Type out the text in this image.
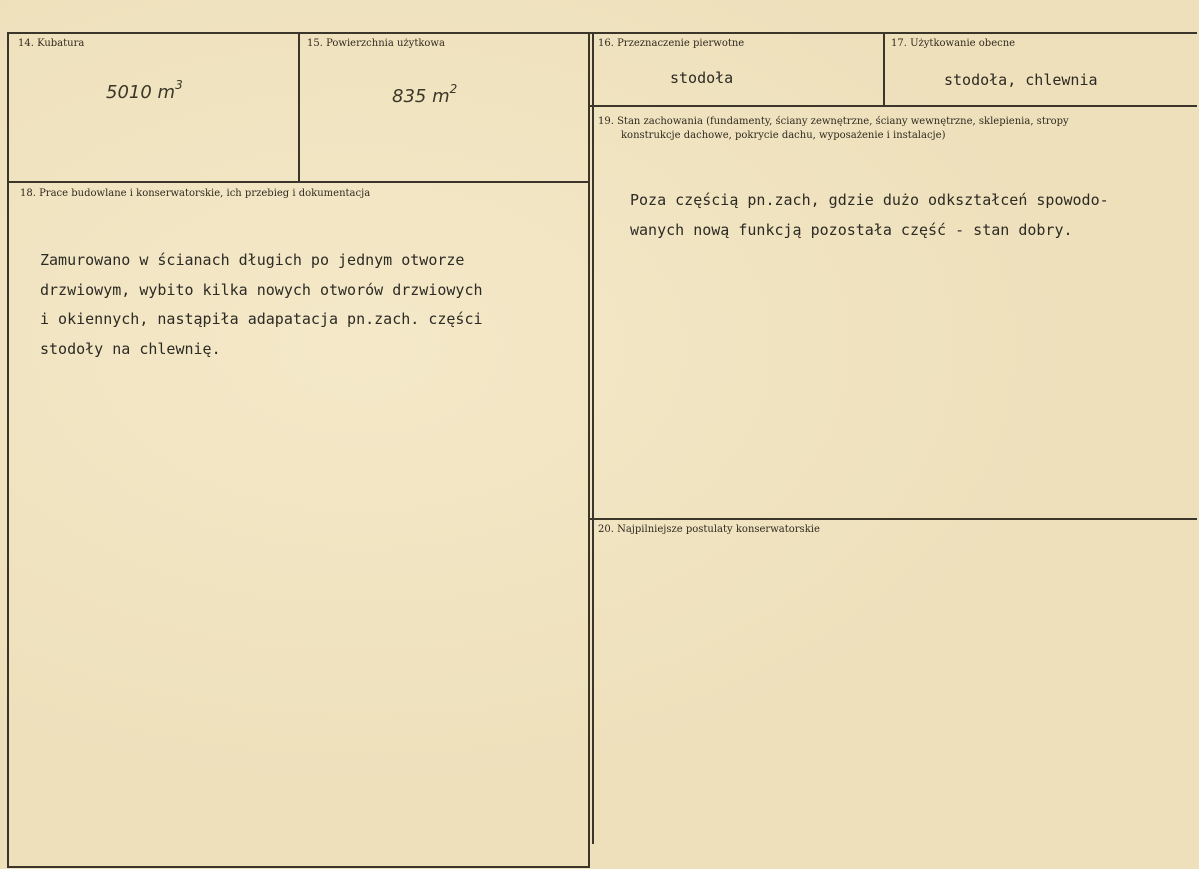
14. Kubatura
5010 $m^3$
15. Powierzchnia użytkowa
835 $m^2$
16. Przeznaczenie pierwotne
stodoła
17. Użytkowanie obecne
stodoła, chlewnia
18. Prace budowlane i konserwatorskie, ich przebieg i dokumentacja
Zamurowano w ścianach długich po jednym otworze
drzwiowym, wybito kilka nowych otworów drzwiowych
i okiennych, nastąpiła adapatacja pn.zach. części
stodoły na chlewnię.
19. Stan zachowania (fundamenty, ściany zewnętrzne, ściany wewnętrzne, sklepienia, stropy
konstrukcje dachowe, pokrycie dachu, wyposażenie i instalacje)
Poza częścią pn.zach, gdzie dużo odkształceń spowodo-
wanych nową funkcją pozostała część - stan dobry.
20. Najpilniejsze postulaty konserwatorskie
